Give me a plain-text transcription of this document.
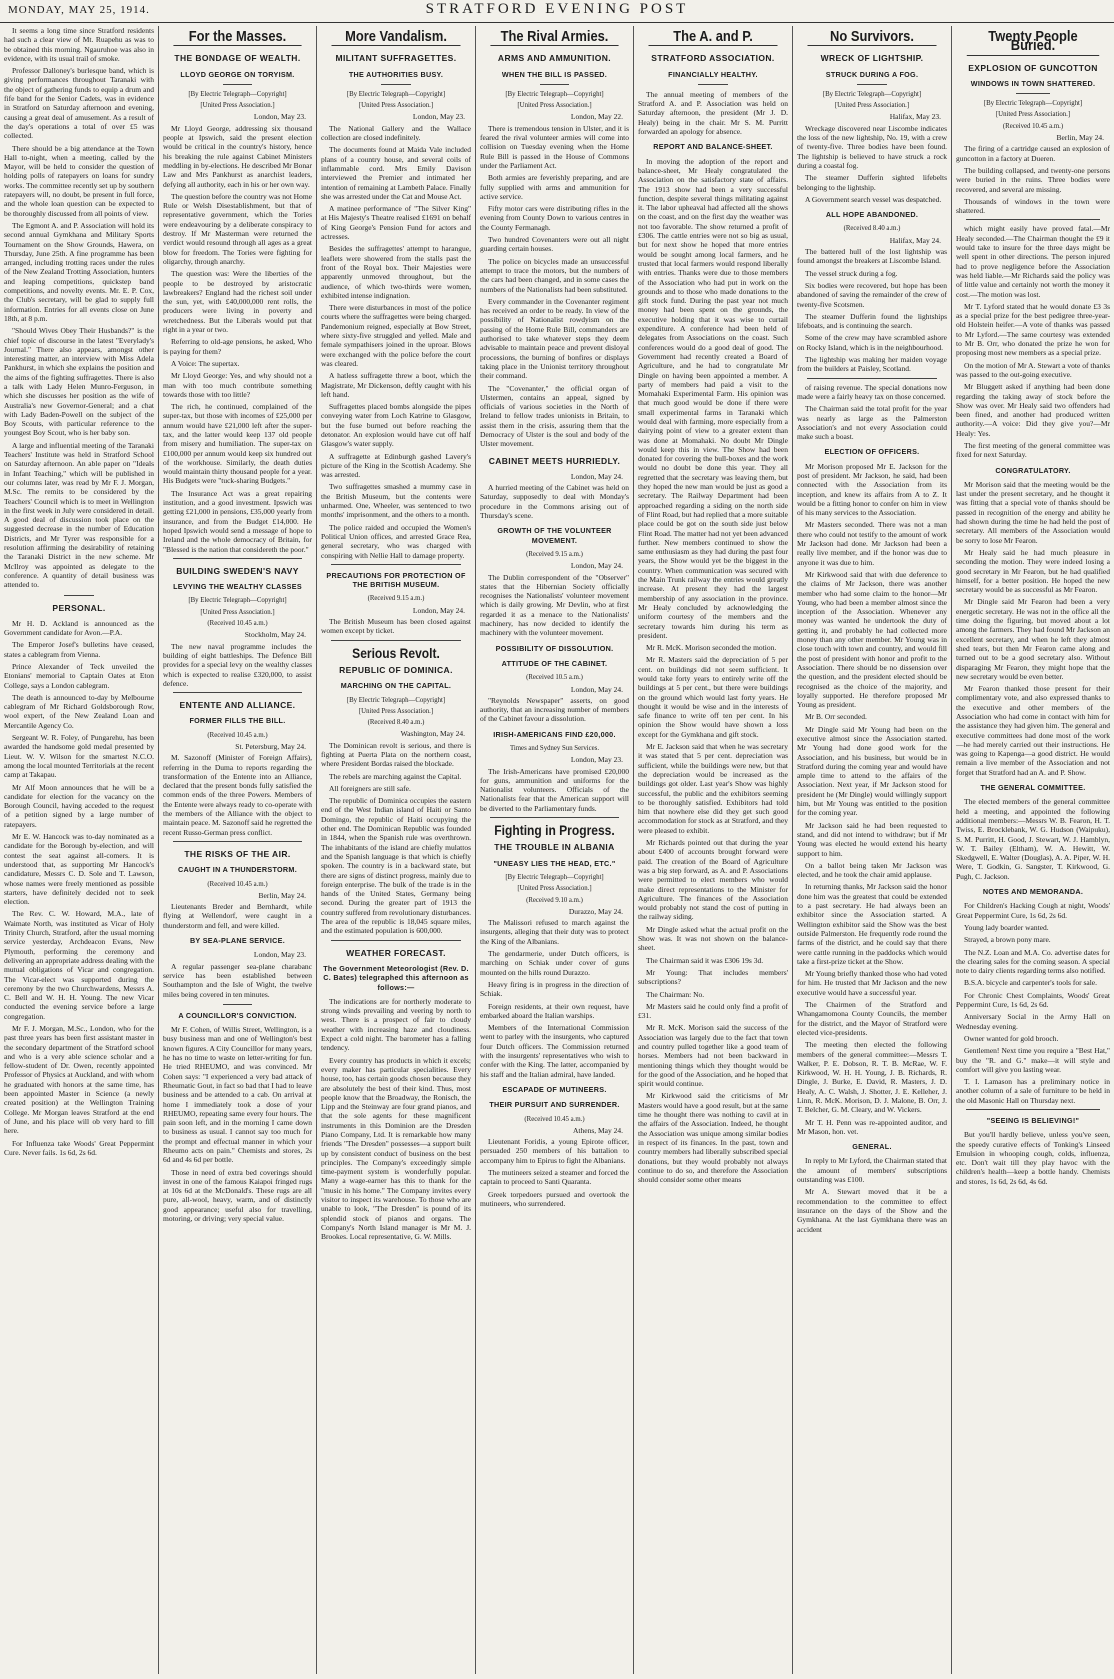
MONDAY, MAY 25, 1914.	STRATFORD EVENING POST

It seems a long time since Stratford residents had such a clear view of Mt. Ruapehu as was to be obtained this morning. Ngauruhoe was also in evidence, with its usual trail of smoke.

Professor Dalloney's burlesque band, which is giving performances throughout Taranaki with the object of gathering funds to equip a drum and fife band for the Senior Cadets, was in evidence in Stratford on Saturday afternoon and evening, causing a great deal of amusement. As a result of the day's operations a total of over £5 was collected.

There should be a big attendance at the Town Hall to-night, when a meeting, called by the Mayor, will be held to consider the question of holding polls of ratepayers on loans for sundry works. The committee recently set up by southern ratepayers will, no doubt, be present in full force, and the whole loan question can be expected to be thoroughly discussed from all points of view.

The Egmont A. and P. Association will hold its second annual Gymkhana and Military Sports Tournament on the Show Grounds, Hawera, on Thursday, June 25th. A fine programme has been arranged, including trotting races under the rules of the New Zealand Trotting Association, hunters and leaping competitions, quickstep band competitions, and novelty events. Mr. E. P. Cox, the Club's secretary, will be glad to supply full information. Entries for all events close on June 18th, at 8 p.m.

"Should Wives Obey Their Husbands?" is the chief topic of discourse in the latest "Everylady's Journal." There also appears, amongst other interesting matter, an interview with Miss Adela Pankhurst, in which she explains the position and the aims of the fighting suffragettes. There is also a talk with Lady Helen Munro-Ferguson, in which she discusses her position as the wife of Australia's new Governor-General; and a chat with Lady Baden-Powell on the subject of the Boy Scouts, with particular reference to the youngest Boy Scout, who is her baby son.

A large and influential meeting of the Taranaki Teachers' Institute was held in Stratford School on Saturday afternoon. An able paper on "Ideals in Infant Teaching," which will be published in our columns later, was read by Mr F. J. Morgan, M.Sc. The remits to be considered by the Teachers' Council which is to meet in Wellington in the first week in July were considered in detail. A good deal of discussion took place on the suggested decrease in the number of Education Districts, and Mr Tyrer was responsible for a resolution affirming the desirability of retaining the Taranaki District in the new scheme. Mr McIlroy was appointed as delegate to the conference. A quantity of detail business was attended to.

PERSONAL.

Mr H. D. Ackland is announced as the Government candidate for Avon.—P.A.

The Emperor Josef's bulletins have ceased, states a cablegram from Vienna.

Prince Alexander of Teck unveiled the Etonians' memorial to Captain Oates at Eton College, says a London cablegram.

The death is announced to-day by Melbourne cablegram of Mr Richard Goldsborough Row, wool expert, of the New Zealand Loan and Mercantile Agency Co.

Sergeant W. R. Foley, of Pungarehu, has been awarded the handsome gold medal presented by Lieut. W. V. Wilson for the smartest N.C.O. among the local mounted Territorials at the recent camp at Takapau.

Mr Alf Moon announces that he will be a candidate for election for the vacancy on the Borough Council, having acceded to the request of a petition signed by a large number of ratepayers.

Mr E. W. Hancock was to-day nominated as a candidate for the Borough by-election, and will contest the seat against all-comers. It is understood that, as supporting Mr Hancock's candidature, Messrs C. D. Sole and T. Lawson, whose names were freely mentioned as possible starters, have definitely decided not to seek election.

The Rev. C. W. Howard, M.A., late of Waimate North, was instituted as Vicar of Holy Trinity Church, Stratford, after the usual morning service yesterday, Archdeacon Evans, New Plymouth, performing the ceremony and delivering an appropriate address dealing with the mutual obligations of Vicar and congregation. The Vicar-elect was supported during the ceremony by the two Churchwardens, Messrs A. C. Bell and W. H. H. Young. The new Vicar conducted the evening service before a large congregation.

Mr F. J. Morgan, M.Sc., London, who for the past three years has been first assistant master in the secondary department of the Stratford school and who is a very able science scholar and a fellow-student of Dr. Owen, recently appointed Professor of Physics at Auckland, and with whom he graduated with honors at the same time, has been appointed Master in Science (a newly created position) at the Wellington Training College. Mr Morgan leaves Stratford at the end of June, and his place will ob very hard to fill here.

For Influenza take Woods' Great Peppermint Cure. Never fails. 1s 6d, 2s 6d.

For the Masses.
THE BONDAGE OF WEALTH.
LLOYD GEORGE ON TORYISM.

[By Electric Telegraph—Copyright]

[United Press Association.]

London, May 23.

Mr Lloyd George, addressing six thousand people at Ipswich, said the present election would be critical in the country's history, hence his breaking the rule against Cabinet Ministers meddling in by-elections. He described Mr Bonar Law and Mrs Pankhurst as anarchist leaders, defying all authority, each in his or her own way.

The question before the country was not Home Rule or Welsh Disestablishment, but that of representative government, which the Tories were endeavouring by a deliberate conspiracy to destroy. If Mr Masterman were returned the verdict would resound through all ages as a great blow for freedom. The Tories were fighting for oligarchy, through anarchy.

The question was: Were the liberties of the people to be destroyed by aristocratic lawbreakers? England had the richest soil under the sun, yet, with £40,000,000 rent rolls, the producers were living in poverty and wretchedness. But the Liberals would put that right in a year or two.

Referring to old-age pensions, he asked, Who is paying for them?

A Voice: The supertax.

Mr Lloyd George: Yes, and why should not a man with too much contribute something towards those with too little?

The rich, he continued, complained of the super-tax, but those with incomes of £25,000 per annum would have £21,000 left after the super-tax, and the latter would keep 137 old people from misery and humiliation. The super-tax on £100,000 per annum would keep six hundred out of the workhouse. Similarly, the death duties would maintain thirty thousand people for a year. His Budgets were "tuck-sharing Budgets."

The Insurance Act was a great repairing institution, and a good investment. Ipswich was getting £21,000 in pensions, £35,000 yearly from insurance, and from the Budget £14,000. He hoped Ipswich would send a message of hope to Ireland and the whole democracy of Britain, for "Blessed is the nation that considereth the poor."

BUILDING SWEDEN'S NAVY
LEVYING THE WEALTHY CLASSES

[By Electric Telegraph—Copyright]

[United Press Association.]

(Received 10.45 a.m.)

Stockholm, May 24.

The new naval programme includes the building of eight battleships. The Defence Bill provides for a special levy on the wealthy classes which is expected to realise £320,000, to assist defence.

ENTENTE AND ALLIANCE.
FORMER FILLS THE BILL.

(Received 10.45 a.m.)

St. Petersburg, May 24.

M. Sazonoff (Minister of Foreign Affairs), referring in the Duma to reports regarding the transformation of the Entente into an Alliance, declared that the present bonds fully satisfied the common ends of the three Powers. Members of the Entente were always ready to co-operate with the members of the Alliance with the object to maintain peace. M. Sazonoff said he regretted the recent Russo-German press conflict.

THE RISKS OF THE AIR.
CAUGHT IN A THUNDERSTORM.

(Received 10.45 a.m.)

Berlin, May 24.

Lieutenants Breder and Bernhardt, while flying at Wellendorf, were caught in a thunderstorm and fell, and were killed.

BY SEA-PLANE SERVICE.

London, May 23.

A regular passenger sea-plane charabanc service has been established between Southampton and the Isle of Wight, the twelve miles being covered in ten minutes.

A COUNCILLOR'S CONVICTION.

Mr F. Cohen, of Willis Street, Wellington, is a busy business man and one of Wellington's best known figures. A City Councillor for many years, he has no time to waste on letter-writing for fun. He tried RHEUMO, and was convinced. Mr Cohen says: "I experienced a very bad attack of Rheumatic Gout, in fact so bad that I had to leave business and be attended to a cab. On arrival at home I immediately took a dose of your RHEUMO, repeating same every four hours. The pain soon left, and in the morning I came down to business as usual. I cannot say too much for the prompt and effectual manner in which your Rheumo acts on pain." Chemists and stores, 2s 6d and 4s 6d per bottle.

Those in need of extra bed coverings should invest in one of the famous Kaiapoi fringed rugs at 10s 6d at the McDonald's. These rugs are all pure, all-wool, heavy, warm, and of distinctly good appearance; useful also for travelling, motoring, or driving; very special value.

More Vandalism.
MILITANT SUFFRAGETTES.
THE AUTHORITIES BUSY.

[By Electric Telegraph—Copyright]

[United Press Association.]

London, May 23.

The National Gallery and the Wallace collection are closed indefinitely.

The documents found at Maida Vale included plans of a country house, and several coils of inflammable cord. Mrs Emily Davison interviewed the Premier and intimated her intention of remaining at Lambeth Palace. Finally she was arrested under the Cat and Mouse Act.

A matinee performance of "The Silver King" at His Majesty's Theatre realised £1691 on behalf of King George's Pension Fund for actors and actresses.

Besides the suffragettes' attempt to harangue, leaflets were showered from the stalls past the front of the Royal box. Their Majesties were apparently unmoved throughout, but the audience, of which two-thirds were women, exhibited intense indignation.

There were disturbances in most of the police courts where the suffragettes were being charged. Pandemonium reigned, especially at Bow Street, where sixty-five struggled and yelled. Male and female sympathisers joined in the uproar. Blows were exchanged with the police before the court was cleared.

A hatless suffragette threw a boot, which the Magistrate, Mr Dickenson, deftly caught with his left hand.

Suffragettes placed bombs alongside the pipes conveying water from Loch Katrine to Glasgow, but the fuse burned out before reaching the detonator. An explosion would have cut off half Glasgow's water supply.

A suffragette at Edinburgh gashed Lavery's picture of the King in the Scottish Academy. She was arrested.

Two suffragettes smashed a mummy case in the British Museum, but the contents were unharmed. One, Wheeler, was sentenced to two months' imprisonment, and the others to a month.

The police raided and occupied the Women's Political Union offices, and arrested Grace Rea, general secretary, who was charged with conspiring with Nellie Hall to damage property.

PRECAUTIONS FOR PROTECTION OF THE BRITISH MUSEUM.

(Received 9.15 a.m.)

London, May 24.

The British Museum has been closed against women except by ticket.

Serious Revolt.
REPUBLIC OF DOMINICA.
MARCHING ON THE CAPITAL.

[By Electric Telegraph—Copyright]

[United Press Association.]

(Received 8.40 a.m.)

Washington, May 24.

The Dominican revolt is serious, and there is fighting at Puerta Plata on the northern coast, where President Bordas raised the blockade.

The rebels are marching against the Capital.

All foreigners are still safe.

The republic of Dominica occupies the eastern end of the West Indian island of Haiti or Santo Domingo, the republic of Haiti occupying the other end. The Dominican Republic was founded in 1844, when the Spanish rule was overthrown. The inhabitants of the island are chiefly mulattos and the Spanish language is that which is chiefly spoken. The country is in a backward state, but there are signs of distinct progress, mainly due to foreign enterprise. The bulk of the trade is in the hands of the United States, Germany being second. During the greater part of 1913 the country suffered from revolutionary disturbances. The area of the republic is 18,045 square miles, and the estimated population is 600,000.

WEATHER FORECAST.
The Government Meteorologist (Rev. D. C. Bates) telegraphed this afternoon as follows:—

The indications are for northerly moderate to strong winds prevailing and veering by north to west. There is a prospect of fair to cloudy weather with increasing haze and cloudiness. Expect a cold night. The barometer has a falling tendency.

Every country has products in which it excels; every maker has particular specialities. Every house, too, has certain goods chosen because they are absolutely the best of their kind. Thus, most people know that the Broadway, the Ronisch, the Lipp and the Steinway are four grand pianos, and that the sole agents for these magnificent instruments in this Dominion are the Dresden Piano Company, Ltd. It is remarkable how many friends "The Dresden" possesses—a support built up by consistent conduct of business on the best principles. The Company's exceedingly simple time-payment system is wonderfully popular. Many a wage-earner has this to thank for the "music in his home." The Company invites every visitor to inspect its warehouse. To those who are unable to look, "The Dresden" is pound of its splendid stock of pianos and organs. The Company's North Island manager is Mr M. J. Brookes. Local representative, G. W. Mills.

The Rival Armies.
ARMS AND AMMUNITION.
WHEN THE BILL IS PASSED.

[By Electric Telegraph—Copyright]

[United Press Association.]

London, May 22.

There is tremendous tension in Ulster, and it is feared the rival volunteer armies will come into collision on Tuesday evening when the Home Rule Bill is passed in the House of Commons under the Parliament Act.

Both armies are feverishly preparing, and are fully supplied with arms and ammunition for active service.

Fifty motor cars were distributing rifles in the evening from County Down to various centres in the County Fermanagh.

Two hundred Covenanters were out all night guarding certain houses.

The police on bicycles made an unsuccessful attempt to trace the motors, but the numbers of the cars had been changed, and in some cases the numbers of the Nationalists had been substituted.

Every commander in the Covenanter regiment has received an order to be ready. In view of the possibility of Nationalist rowdyism on the passing of the Home Rule Bill, commanders are authorised to take whatever steps they deem advisable to maintain peace and prevent disloyal processions, the burning of bonfires or displays taking place in the Unionist territory throughout their command.

The "Covenanter," the official organ of Ulstermen, contains an appeal, signed by officials of various societies in the North of Ireland to fellow trades unionists in Britain, to assist them in the crisis, assuring them that the Democracy of Ulster is the soul and body of the Ulster movement.

CABINET MEETS HURRIEDLY.

London, May 24.

A hurried meeting of the Cabinet was held on Saturday, supposedly to deal with Monday's procedure in the Commons arising out of Thursday's scene.

GROWTH OF THE VOLUNTEER MOVEMENT.

(Received 9.15 a.m.)

London, May 24.

The Dublin correspondent of the "Observer" states that the Hibernian Society officially recognises the Nationalists' volunteer movement which is daily growing. Mr Devlin, who at first regarded it as a menace to the Nationalists' machinery, has now decided to identify the machinery with the volunteer movement.

POSSIBILITY OF DISSOLUTION.
ATTITUDE OF THE CABINET.

(Received 10.5 a.m.)

London, May 24.

"Reynolds Newspaper" asserts, on good authority, that an increasing number of members of the Cabinet favour a dissolution.

IRISH-AMERICANS FIND £20,000.

Times and Sydney Sun Services.

London, May 23.

The Irish-Americans have promised £20,000 for guns, ammunition and uniforms for the Nationalist volunteers. Officials of the Nationalists fear that the American support will be diverted to the Parliamentary funds.

Fighting in Progress.
THE TROUBLE IN ALBANIA
"UNEASY LIES THE HEAD, ETC."

[By Electric Telegraph—Copyright]

[United Press Association.]

(Received 9.10 a.m.)

Durazzo, May 24.

The Malissori refused to march against the insurgents, alleging that their duty was to protect the King of the Albanians.

The gendarmerie, under Dutch officers, is marching on Schiak under cover of guns mounted on the hills round Durazzo.

Heavy firing is in progress in the direction of Schiak.

Foreign residents, at their own request, have embarked aboard the Italian warships.

Members of the International Commission went to parley with the insurgents, who captured four Dutch officers. The Commission returned with the insurgents' representatives who wish to confer with the King. The latter, accompanied by his staff and the Italian admiral, have landed.

ESCAPADE OF MUTINEERS.
THEIR PURSUIT AND SURRENDER.

(Received 10.45 a.m.)

Athens, May 24.

Lieutenant Foridis, a young Epirote officer, persuaded 250 members of his battalion to accompany him to Epirus to fight the Albanians.

The mutineers seized a steamer and forced the captain to proceed to Santi Quaranta.

Greek torpedoers pursued and overtook the mutineers, who surrendered.

The A. and P.
STRATFORD ASSOCIATION.
FINANCIALLY HEALTHY.

The annual meeting of members of the Stratford A. and P. Association was held on Saturday afternoon, the president (Mr J. D. Healy) being in the chair. Mr S. M. Purritt forwarded an apology for absence.

REPORT AND BALANCE-SHEET.

In moving the adoption of the report and balance-sheet, Mr Healy congratulated the Association on the satisfactory state of affairs. The 1913 show had been a very successful function, despite several things militating against it. The labor upheaval had affected all the shows on the coast, and on the first day the weather was not too favorable. The show returned a profit of £306. The cattle entries were not so big as usual, but for next show he hoped that more entries would be sought among local farmers, and he trusted that local farmers would respond liberally with entries. Thanks were due to those members of the Association who had put in work on the grounds and to those who made donations to the gift stock fund. During the past year not much money had been spent on the grounds, the executive holding that it was wise to curtail expenditure. A conference had been held of delegates from Associations on the coast. Such conferences would do a good deal of good. The Government had recently created a Board of Agriculture, and he had to congratulate Mr Dingle on having been appointed a member. A party of members had paid a visit to the Momahaki Experimental Farm. His opinion was that much good would be done if there were small experimental farms in Taranaki which would deal with farming, more especially from a dairying point of view to a greater extent than was done at Momahaki. No doubt Mr Dingle would keep this in view. The Show had been donated for covering the bull-boxes and the work would no doubt be done this year. They all regretted that the secretary was leaving them, but they hoped the new man would be just as good a secretary. The Railway Department had been approached regarding a siding on the north side of Flint Road, but had replied that a more suitable place could be got on the south side just below Flint Road. The matter had not yet been advanced further. New members continued to show the same enthusiasm as they had during the past four years, the Show would yet be the biggest in the country. When communication was secured with the Main Trunk railway the entries would greatly increase. At present they had the largest membership of any association in the province. Mr Healy concluded by acknowledging the uniform courtesy of the members and the secretary towards him during his term as president.

Mr R. McK. Morison seconded the motion.

Mr R. Masters said the depreciation of 5 per cent. on buildings did not seem sufficient. It would take forty years to entirely write off the buildings at 5 per cent., but there were buildings on the ground which would last forty years. He thought it would be wise and in the interests of safe finance to write off ten per cent. In his opinion the Show would have shown a loss except for the Gymkhana and gift stock.

Mr E. Jackson said that when he was secretary it was stated that 5 per cent. depreciation was sufficient, while the buildings were new, but that the depreciation would be increased as the buildings got older. Last year's Show was highly successful, the public and the exhibitors seeming to be thoroughly satisfied. Exhibitors had told him that nowhere else did they get such good accommodation for stock as at Stratford, and they were pleased to exhibit.

Mr Richards pointed out that during the year about £400 of accounts brought forward were paid. The creation of the Board of Agriculture was a big step forward, as A. and P. Associations were permitted to elect members who would make direct representations to the Minister for Agriculture. The finances of the Association would probably not stand the cost of putting in the railway siding.

Mr Dingle asked what the actual profit on the Show was. It was not shown on the balance-sheet.

The Chairman said it was £306 19s 3d.

Mr Young: That includes members' subscriptions?

The Chairman: No.

Mr Masters said he could only find a profit of £31.

Mr R. McK. Morison said the success of the Association was largely due to the fact that town and country pulled together like a good team of horses. Members had not been backward in mentioning things which they thought would be for the good of the Association, and he hoped that spirit would continue.

Mr Kirkwood said the criticisms of Mr Masters would have a good result, but at the same time he thought there was nothing to cavil at in the affairs of the Association. Indeed, he thought the Association was unique among similar bodies in respect of its finances. In the past, town and country members had liberally subscribed special donations, but they would probably not always continue to do so, and therefore the Association should consider some other means

No Survivors.
WRECK OF LIGHTSHIP.
STRUCK DURING A FOG.

[By Electric Telegraph—Copyright]

[United Press Association.]

Halifax, May 23.

Wreckage discovered near Liscombe indicates the loss of the new lightship, No. 19, with a crew of twenty-five. Three bodies have been found. The lightship is believed to have struck a rock during a coastal fog.

The steamer Dufferin sighted lifebelts belonging to the lightship.

A Government search vessel was despatched.

ALL HOPE ABANDONED.

(Received 8.40 a.m.)

Halifax, May 24.

The battered hull of the lost lightship was found amongst the breakers at Liscombe Island.

The vessel struck during a fog.

Six bodies were recovered, but hope has been abandoned of saving the remainder of the crew of twenty-five Scotsmen.

The steamer Dufferin found the lightships lifeboats, and is continuing the search.

Some of the crew may have scrambled ashore on Rocky Island, which is in the neighbourhood.

The lightship was making her maiden voyage from the builders at Paisley, Scotland.

of raising revenue. The special donations now made were a fairly heavy tax on those concerned.

The Chairman said the total profit for the year was nearly as large as the Palmerston Association's and not every Association could make such a boast.

ELECTION OF OFFICERS.

Mr Morison proposed Mr E. Jackson for the post of president. Mr Jackson, he said, had been connected with the Association from its inception, and knew its affairs from A to Z. It would be a fitting honor to confer on him in view of his many services to the Association.

Mr Masters seconded. There was not a man there who could not testify to the amount of work Mr Jackson had done. Mr Jackson had been a really live member, and if the honor was due to anyone it was due to him.

Mr Kirkwood said that with due deference to the claims of Mr Jackson, there was another member who had some claim to the honor—Mr Young, who had been a member almost since the inception of the Association. Whenever any money was wanted he undertook the duty of getting it, and probably he had collected more money than any other member. Mr Young was in close touch with town and country, and would fill the post of president with honor and profit to the Association. There should be no dissension over the question, and the president elected should be recognised as the choice of the majority, and loyally supported. He therefore proposed Mr Young as president.

Mr B. Orr seconded.

Mr Dingle said Mr Young had been on the executive almost since the Association started. Mr Young had done good work for the Association, and his business, but would be in Stratford during the coming year and would have ample time to attend to the affairs of the Association. Next year, if Mr Jackson stood for president he (Mr Dingle) would willingly support him, but Mr Young was entitled to the position for the coming year.

Mr Jackson said he had been requested to stand, and did not intend to withdraw; but if Mr Young was elected he would extend his hearty support to him.

On a ballot being taken Mr Jackson was elected, and he took the chair amid applause.

In returning thanks, Mr Jackson said the honor done him was the greatest that could be extended to a past secretary. He had always been an exhibitor since the Association started. A Wellington exhibitor said the Show was the best outside Palmerston. He frequently rode round the farms of the district, and he could say that there were cattle running in the paddocks which would take a first-prize ticket at the Show.

Mr Young briefly thanked those who had voted for him. He trusted that Mr Jackson and the new executive would have a successful year.

The Chairmen of the Stratford and Whangamomona County Councils, the member for the district, and the Mayor of Stratford were elected vice-presidents.

The meeting then elected the following members of the general committee:—Messrs T. Walker, P. E. Dobson, R. T. B. McRae, W. F. Kirkwood, W. H. H. Young, J. B. Richards, R. Dingle, J. Burke, E. David, R. Masters, J. D. Healy, A. C. Walsh, J. Shotter, J. E. Kelleher, J. Linn, R. McK. Morison, D. J. Malone, B. Orr, J. T. Belcher, G. M. Cleary, and W. Vickers.

Mr T. H. Penn was re-appointed auditor, and Mr Mason, hon. vet.

GENERAL.

In reply to Mr Lyford, the Chairman stated that the amount of members' subscriptions outstanding was £100.

Mr A. Stewart moved that it be a recommendation to the committee to effect insurance on the days of the Show and the Gymkhana. At the last Gymkhana there was an accident

Twenty People Buried.
EXPLOSION OF GUNCOTTON
WINDOWS IN TOWN SHATTERED.

[By Electric Telegraph—Copyright]

[United Press Association.]

(Received 10.45 a.m.)

Berlin, May 24.

The firing of a cartridge caused an explosion of guncotton in a factory at Dueren.

The building collapsed, and twenty-one persons were buried in the ruins. Three bodies were recovered, and several are missing.

Thousands of windows in the town were shattered.

which might easily have proved fatal.—Mr Healy seconded.—The Chairman thought the £9 it would take to insure for the three days might be well spent in other directions. The person injured had to prove negligence before the Association was held liable.—Mr Richards said the policy was of little value and certainly not worth the money it cost.—The motion was lost.

Mr T. Lyford stated that he would donate £3 3s as a special prize for the best pedigree three-year-old Holstein heifer.—A vote of thanks was passed to Mr Lyford.—The same courtesy was extended to Mr B. Orr, who donated the prize he won for proposing most new members as a special prize.

On the motion of Mr A. Stewart a vote of thanks was passed to the out-going executive.

Mr Bluggett asked if anything had been done regarding the taking away of stock before the Show was over. Mr Healy said two offenders had been fined, and another had produced written authority.—A voice: Did they give you?—Mr Healy: Yes.

The first meeting of the general committee was fixed for next Saturday.

CONGRATULATORY.

Mr Morison said that the meeting would be the last under the present secretary, and he thought it was fitting that a special vote of thanks should be passed in recognition of the energy and ability he had shown during the time he had held the post of secretary. All members of the Association would be sorry to lose Mr Fearon.

Mr Healy said he had much pleasure in seconding the motion. They were indeed losing a good secretary in Mr Fearon, but he had qualified himself, for a better position. He hoped the new secretary would be as successful as Mr Fearon.

Mr Dingle said Mr Fearon had been a very energetic secretary. He was not in the office all the time doing the figuring, but moved about a lot among the farmers. They had found Mr Jackson an excellent secretary, and when he left they almost shed tears, but then Mr Fearon came along and turned out to be a good secretary also. Without disparaging Mr Fearon, they might hope that the new secretary would be even better.

Mr Fearon thanked those present for their complimentary vote, and also expressed thanks to the executive and other members of the Association who had come in contact with him for the assistance they had given him. The general and executive committees had done most of the work—he had merely carried out their instructions. He was going to Kapenga—a good district. He would remain a live member of the Association and not forget that Stratford had an A. and P. Show.

THE GENERAL COMMITTEE.

The elected members of the general committee held a meeting, and appointed the following additional members:—Messrs W. B. Fearon, H. T. Twiss, E. Brocklebank, W. G. Hudson (Waipuku), S. M. Purritt, H. Good, J. Stewart, W. J. Hamblyn, W. T. Bailey (Eltham), W. A. Hewitt, W. Skedgwell, E. Walter (Douglas), A. A. Piper, W. H. Were, T. Godkin, G. Sangster, T. Kirkwood, G. Pugh, C. Jackson.

NOTES AND MEMORANDA.

For Children's Hacking Cough at night, Woods' Great Peppermint Cure, 1s 6d, 2s 6d.

Young lady boarder wanted.

Strayed, a brown pony mare.

The N.Z. Loan and M.A. Co. advertise dates for the clearing sales for the coming season. A special note to dairy clients regarding terms also notified.

B.S.A. bicycle and carpenter's tools for sale.

For Chronic Chest Complaints, Woods' Great Peppermint Cure, 1s 6d, 2s 6d.

Anniversary Social in the Army Hall on Wednesday evening.

Owner wanted for gold brooch.

Gentlemen! Next time you require a "Best Hat," buy the "R. and G." make—it will style and comfort will give you lasting wear.

T. I. Lamason has a preliminary notice in another column of a sale of furniture to be held in the old Masonic Hall on Thursday next.

"SEEING IS BELIEVING!"

But you'll hardly believe, unless you've seen, the speedy curative effects of Tonking's Linseed Emulsion in whooping cough, colds, influenza, etc. Don't wait till they play havoc with the children's health—keep a bottle handy. Chemists and stores, 1s 6d, 2s 6d, 4s 6d.
